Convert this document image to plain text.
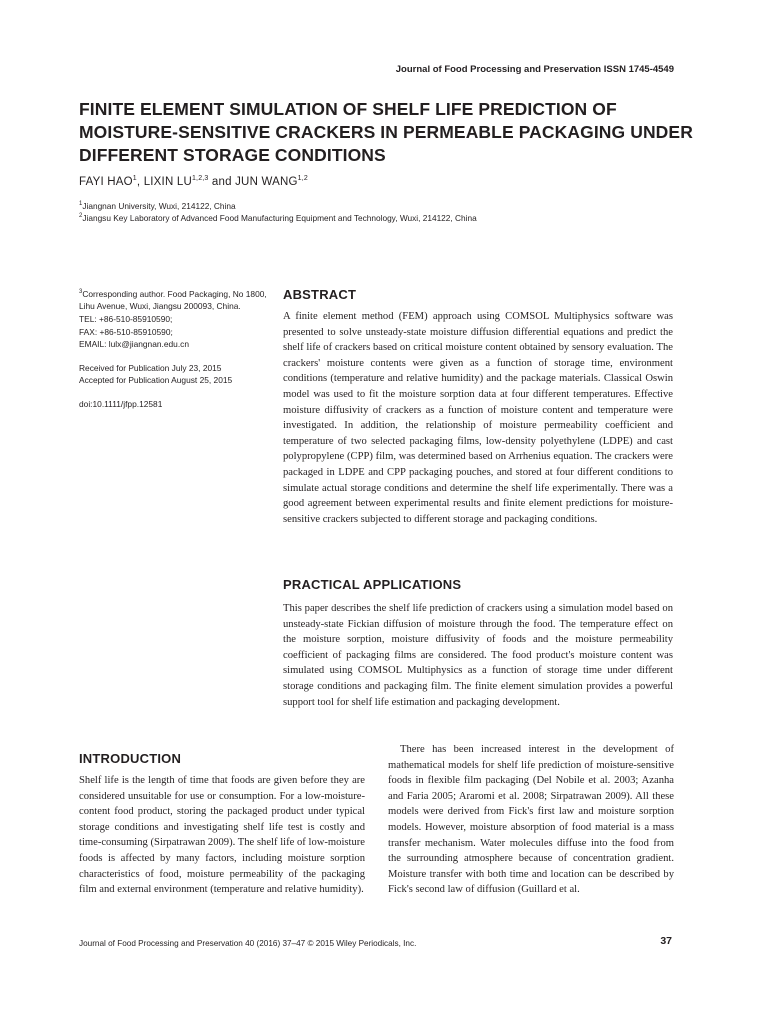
Journal of Food Processing and Preservation ISSN 1745-4549
FINITE ELEMENT SIMULATION OF SHELF LIFE PREDICTION OF MOISTURE-SENSITIVE CRACKERS IN PERMEABLE PACKAGING UNDER DIFFERENT STORAGE CONDITIONS
FAYI HAO$^1$, LIXIN LU$^{1,2,3}$ and JUN WANG$^{1,2}$
$^1$Jiangnan University, Wuxi, 214122, China
$^2$Jiangsu Key Laboratory of Advanced Food Manufacturing Equipment and Technology, Wuxi, 214122, China

$^3$Corresponding author. Food Packaging, No 1800, Lihu Avenue, Wuxi, Jiangsu 200093, China.

TEL: +86-510-85910590;

FAX: +86-510-85910590;

EMAIL: lulx@jiangnan.edu.cn

Received for Publication July 23, 2015

Accepted for Publication August 25, 2015

doi:10.1111/jfpp.12581

ABSTRACT

A finite element method (FEM) approach using COMSOL Multiphysics software was presented to solve unsteady-state moisture diffusion differential equations and predict the shelf life of crackers based on critical moisture content obtained by sensory evaluation. The crackers' moisture contents were given as a function of storage time, environment conditions (temperature and relative humidity) and the package materials. Classical Oswin model was used to fit the moisture sorption data at four different temperatures. Effective moisture diffusivity of crackers as a function of moisture content and temperature were investigated. In addition, the relationship of moisture permeability coefficient and temperature of two selected packaging films, low-density polyethylene (LDPE) and cast polypropylene (CPP) film, was determined based on Arrhenius equation. The crackers were packaged in LDPE and CPP packaging pouches, and stored at four different conditions to simulate actual storage conditions and determine the shelf life experimentally. There was a good agreement between experimental results and finite element predictions for moisture-sensitive crackers subjected to different storage and packaging conditions.

PRACTICAL APPLICATIONS

This paper describes the shelf life prediction of crackers using a simulation model based on unsteady-state Fickian diffusion of moisture through the food. The temperature effect on the moisture sorption, moisture diffusivity of foods and the moisture permeability coefficient of packaging films are considered. The food product's moisture content was simulated using COMSOL Multiphysics as a function of storage time under different storage conditions and packaging film. The finite element simulation provides a powerful support tool for shelf life estimation and packaging development.

INTRODUCTION

Shelf life is the length of time that foods are given before they are considered unsuitable for use or consumption. For a low-moisture-content food product, storing the packaged product under typical storage conditions and investigating shelf life test is costly and time-consuming (Sirpatrawan 2009). The shelf life of low-moisture foods is affected by many factors, including moisture sorption characteristics of food, moisture permeability of the packaging film and external environment (temperature and relative humidity).

There has been increased interest in the development of mathematical models for shelf life prediction of moisture-sensitive foods in flexible film packaging (Del Nobile et al. 2003; Azanha and Faria 2005; Araromi et al. 2008; Sirpatrawan 2009). All these models were derived from Fick's first law and moisture sorption models. However, moisture absorption of food material is a mass transfer mechanism. Water molecules diffuse into the food from the surrounding atmosphere because of concentration gradient. Moisture transfer with both time and location can be described by Fick's second law of diffusion (Guillard et al.

Journal of Food Processing and Preservation 40 (2016) 37–47 © 2015 Wiley Periodicals, Inc.	37
